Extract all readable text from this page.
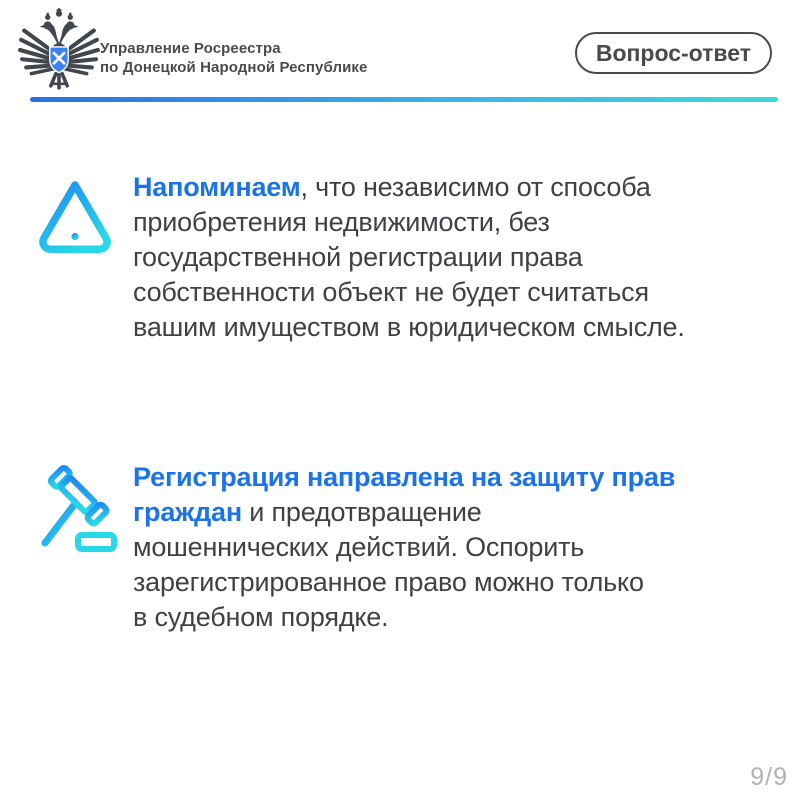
Управление Росреестра
по Донецкой Народной Республике
Вопрос-ответ
Напоминаем, что независимо от способа
приобретения недвижимости, без
государственной регистрации права
собственности объект не будет считаться
вашим имуществом в юридическом смысле.
Регистрация направлена на защиту прав
граждан и предотвращение
мошеннических действий. Оспорить
зарегистрированное право можно только
в судебном порядке.
9/9
